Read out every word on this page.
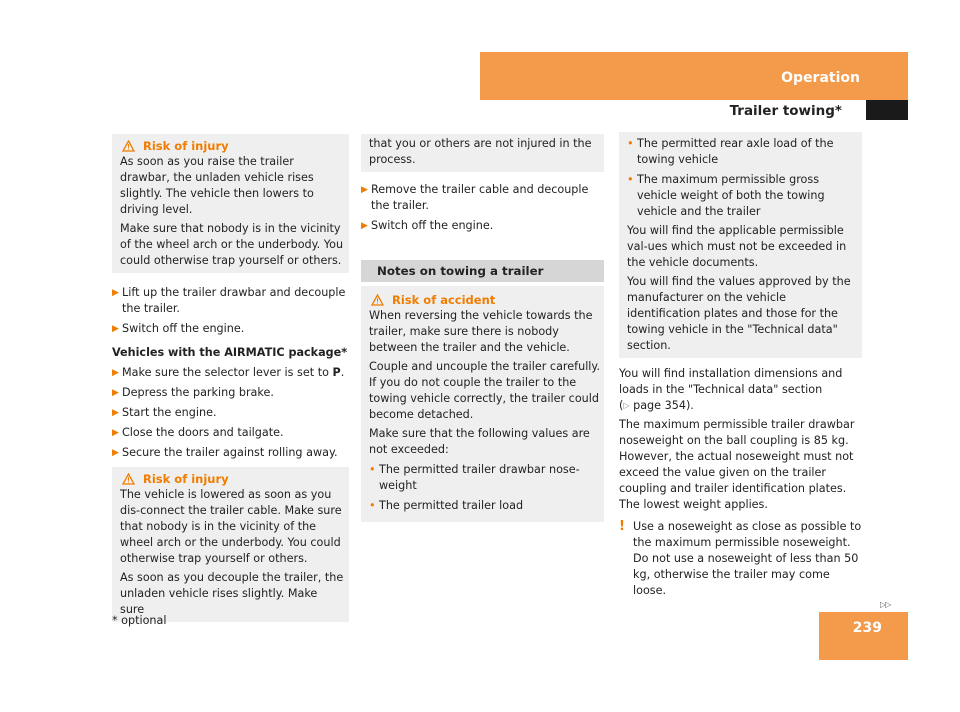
Operation
Trailer towing*
Risk of injury

As soon as you raise the trailer drawbar, the unladen vehicle rises slightly. The vehicle then lowers to driving level.

Make sure that nobody is in the vicinity of the wheel arch or the underbody. You could otherwise trap yourself or others.

▶ Lift up the trailer drawbar and decouple the trailer.
▶ Switch off the engine.

Vehicles with the AIRMATIC package*

▶ Make sure the selector lever is set to P.
▶ Depress the parking brake.
▶ Start the engine.
▶ Close the doors and tailgate.
▶ Secure the trailer against rolling away.
Risk of injury

The vehicle is lowered as soon as you dis-connect the trailer cable. Make sure that nobody is in the vicinity of the wheel arch or the underbody. You could otherwise trap yourself or others.

As soon as you decouple the trailer, the unladen vehicle rises slightly. Make sure

that you or others are not injured in the process.

▶ Remove the trailer cable and decouple the trailer.
▶ Switch off the engine.
Notes on towing a trailer
Risk of accident

When reversing the vehicle towards the trailer, make sure there is nobody between the trailer and the vehicle.

Couple and uncouple the trailer carefully. If you do not couple the trailer to the towing vehicle correctly, the trailer could become detached.

Make sure that the following values are not exceeded:

• The permitted trailer drawbar nose-weight
• The permitted trailer load
• The permitted rear axle load of the towing vehicle
• The maximum permissible gross vehicle weight of both the towing vehicle and the trailer

You will find the applicable permissible val-ues which must not be exceeded in the vehicle documents.

You will find the values approved by the manufacturer on the vehicle identification plates and those for the towing vehicle in the "Technical data" section.

You will find installation dimensions and loads in the "Technical data" section
(▷ page 354).

The maximum permissible trailer drawbar noseweight on the ball coupling is 85 kg. However, the actual noseweight must not exceed the value given on the trailer coupling and trailer identification plates. The lowest weight applies.

! Use a noseweight as close as possible to the maximum permissible noseweight. Do not use a noseweight of less than 50 kg, otherwise the trailer may come loose.
▷▷
* optional	239
